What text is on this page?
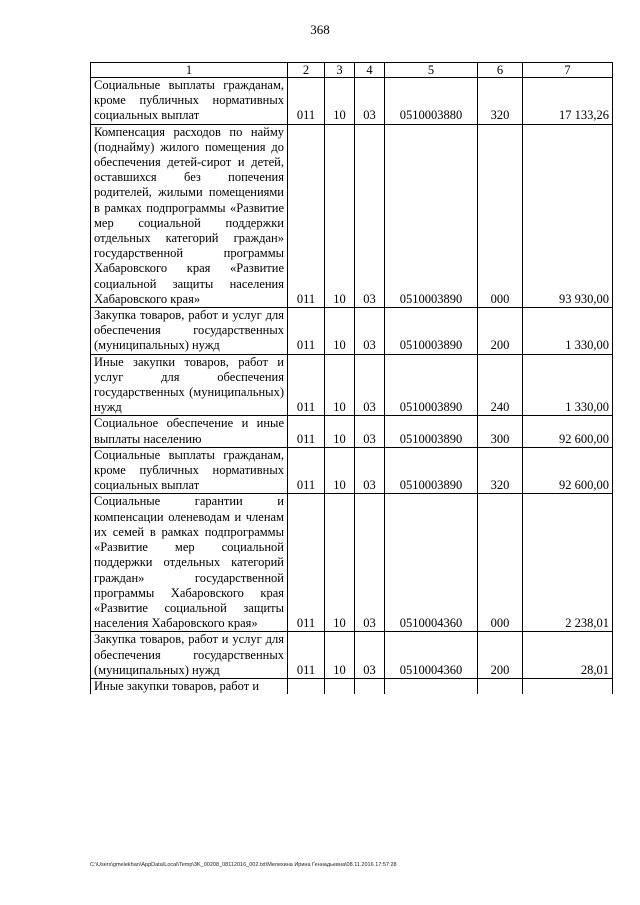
368
1	2	3	4	5	6	7
Социальные выплаты гражданам, кроме публичных нормативных социальных выплат	011	10	03	0510003880	320	17 133,26
Компенсация расходов по найму (поднайму) жилого помещения до обеспечения детей-сирот и детей, оставшихся без попечения родителей, жилыми помещениями в рамках подпрограммы «Развитие мер социальной поддержки отдельных категорий граждан» государственной программы Хабаровского края «Развитие социальной защиты населения Хабаровского края»	011	10	03	0510003890	000	93 930,00
Закупка товаров, работ и услуг для обеспечения государственных (муниципальных) нужд	011	10	03	0510003890	200	1 330,00
Иные закупки товаров, работ и услуг для обеспечения государственных (муниципальных) нужд	011	10	03	0510003890	240	1 330,00
Социальное обеспечение и иные выплаты населению	011	10	03	0510003890	300	92 600,00
Социальные выплаты гражданам, кроме публичных нормативных социальных выплат	011	10	03	0510003890	320	92 600,00
Социальные гарантии и компенсации оленеводам и членам их семей в рамках подпрограммы «Развитие мер социальной поддержки отдельных категорий граждан» государственной программы Хабаровского края «Развитие социальной защиты населения Хабаровского края»	011	10	03	0510004360	000	2 238,01
Закупка товаров, работ и услуг для обеспечения государственных (муниципальных) нужд	011	10	03	0510004360	200	28,01
Иные закупки товаров, работ и						
C:\Users\gmelekhan\AppData\Local\Temp\3K_00208_08112016_002.txt\Мелехина Ирина Геннадьевна\08.11.2016 17:57:28
